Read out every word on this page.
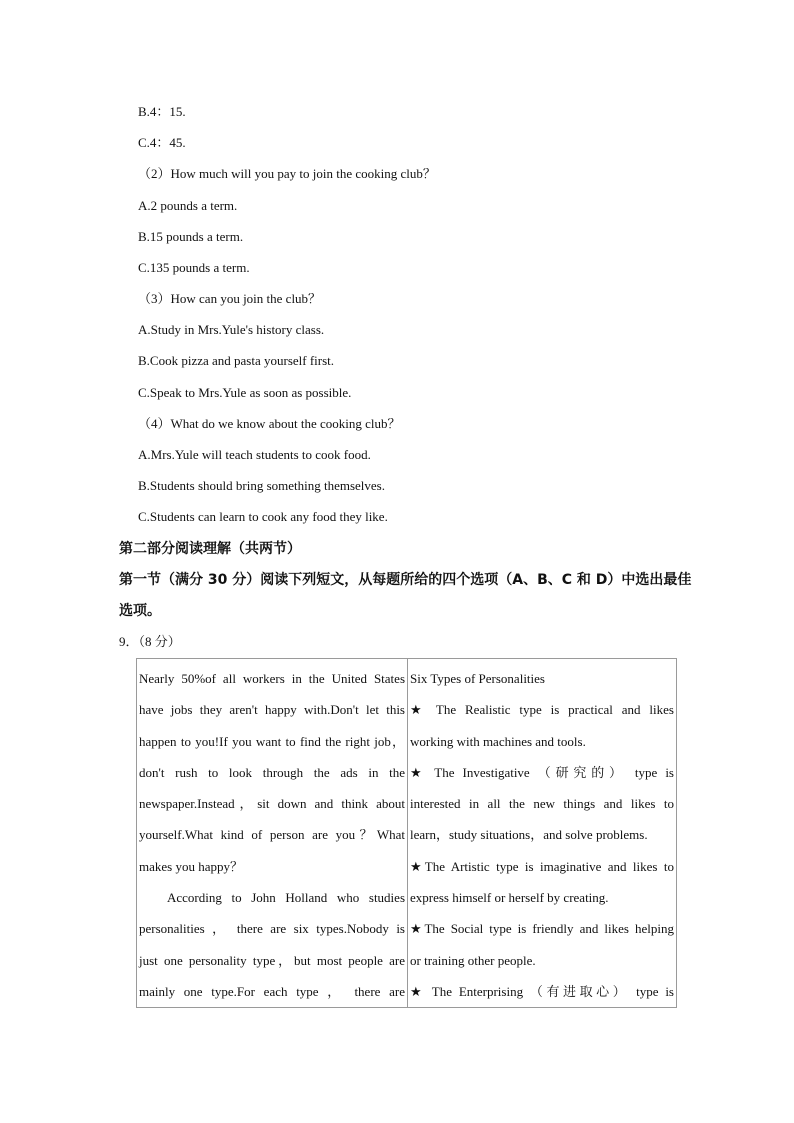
B.4：15.
C.4：45.
（2）How much will you pay to join the cooking club？
A.2 pounds a term.
B.15 pounds a term.
C.135 pounds a term.
（3）How can you join the club？
A.Study in Mrs.Yule's history class.
B.Cook pizza and pasta yourself first.
C.Speak to Mrs.Yule as soon as possible.
（4）What do we know about the cooking club？
A.Mrs.Yule will teach students to cook food.
B.Students should bring something themselves.
C.Students can learn to cook any food they like.
第二部分阅读理解（共两节）
第一节（满分 30 分）阅读下列短文，从每题所给的四个选项（A、B、C 和 D）中选出最佳
选项。
9．（8 分）
Nearly 50%of all workers in the United States
have jobs they aren't happy with.Don't let this
happen to you!If you want to find the right job，
don't rush to look through the ads in the
newspaper.Instead，sit down and think about
yourself.What kind of person are you？What
makes you happy？
According to John Holland who studies
personalities ， there are six types.Nobody is
just one personality type，but most people are
mainly one type.For each type ， there are

Six Types of Personalities
★ The Realistic type is practical and likes
working with machines and tools.
★ The Investigative （研究的） type is
interested in all the new things and likes to
learn，study situations，and solve problems.
★The Artistic type is imaginative and likes to
express himself or herself by creating.
★The Social type is friendly and likes helping
or training other people.
★ The Enterprising （有进取心） type is
